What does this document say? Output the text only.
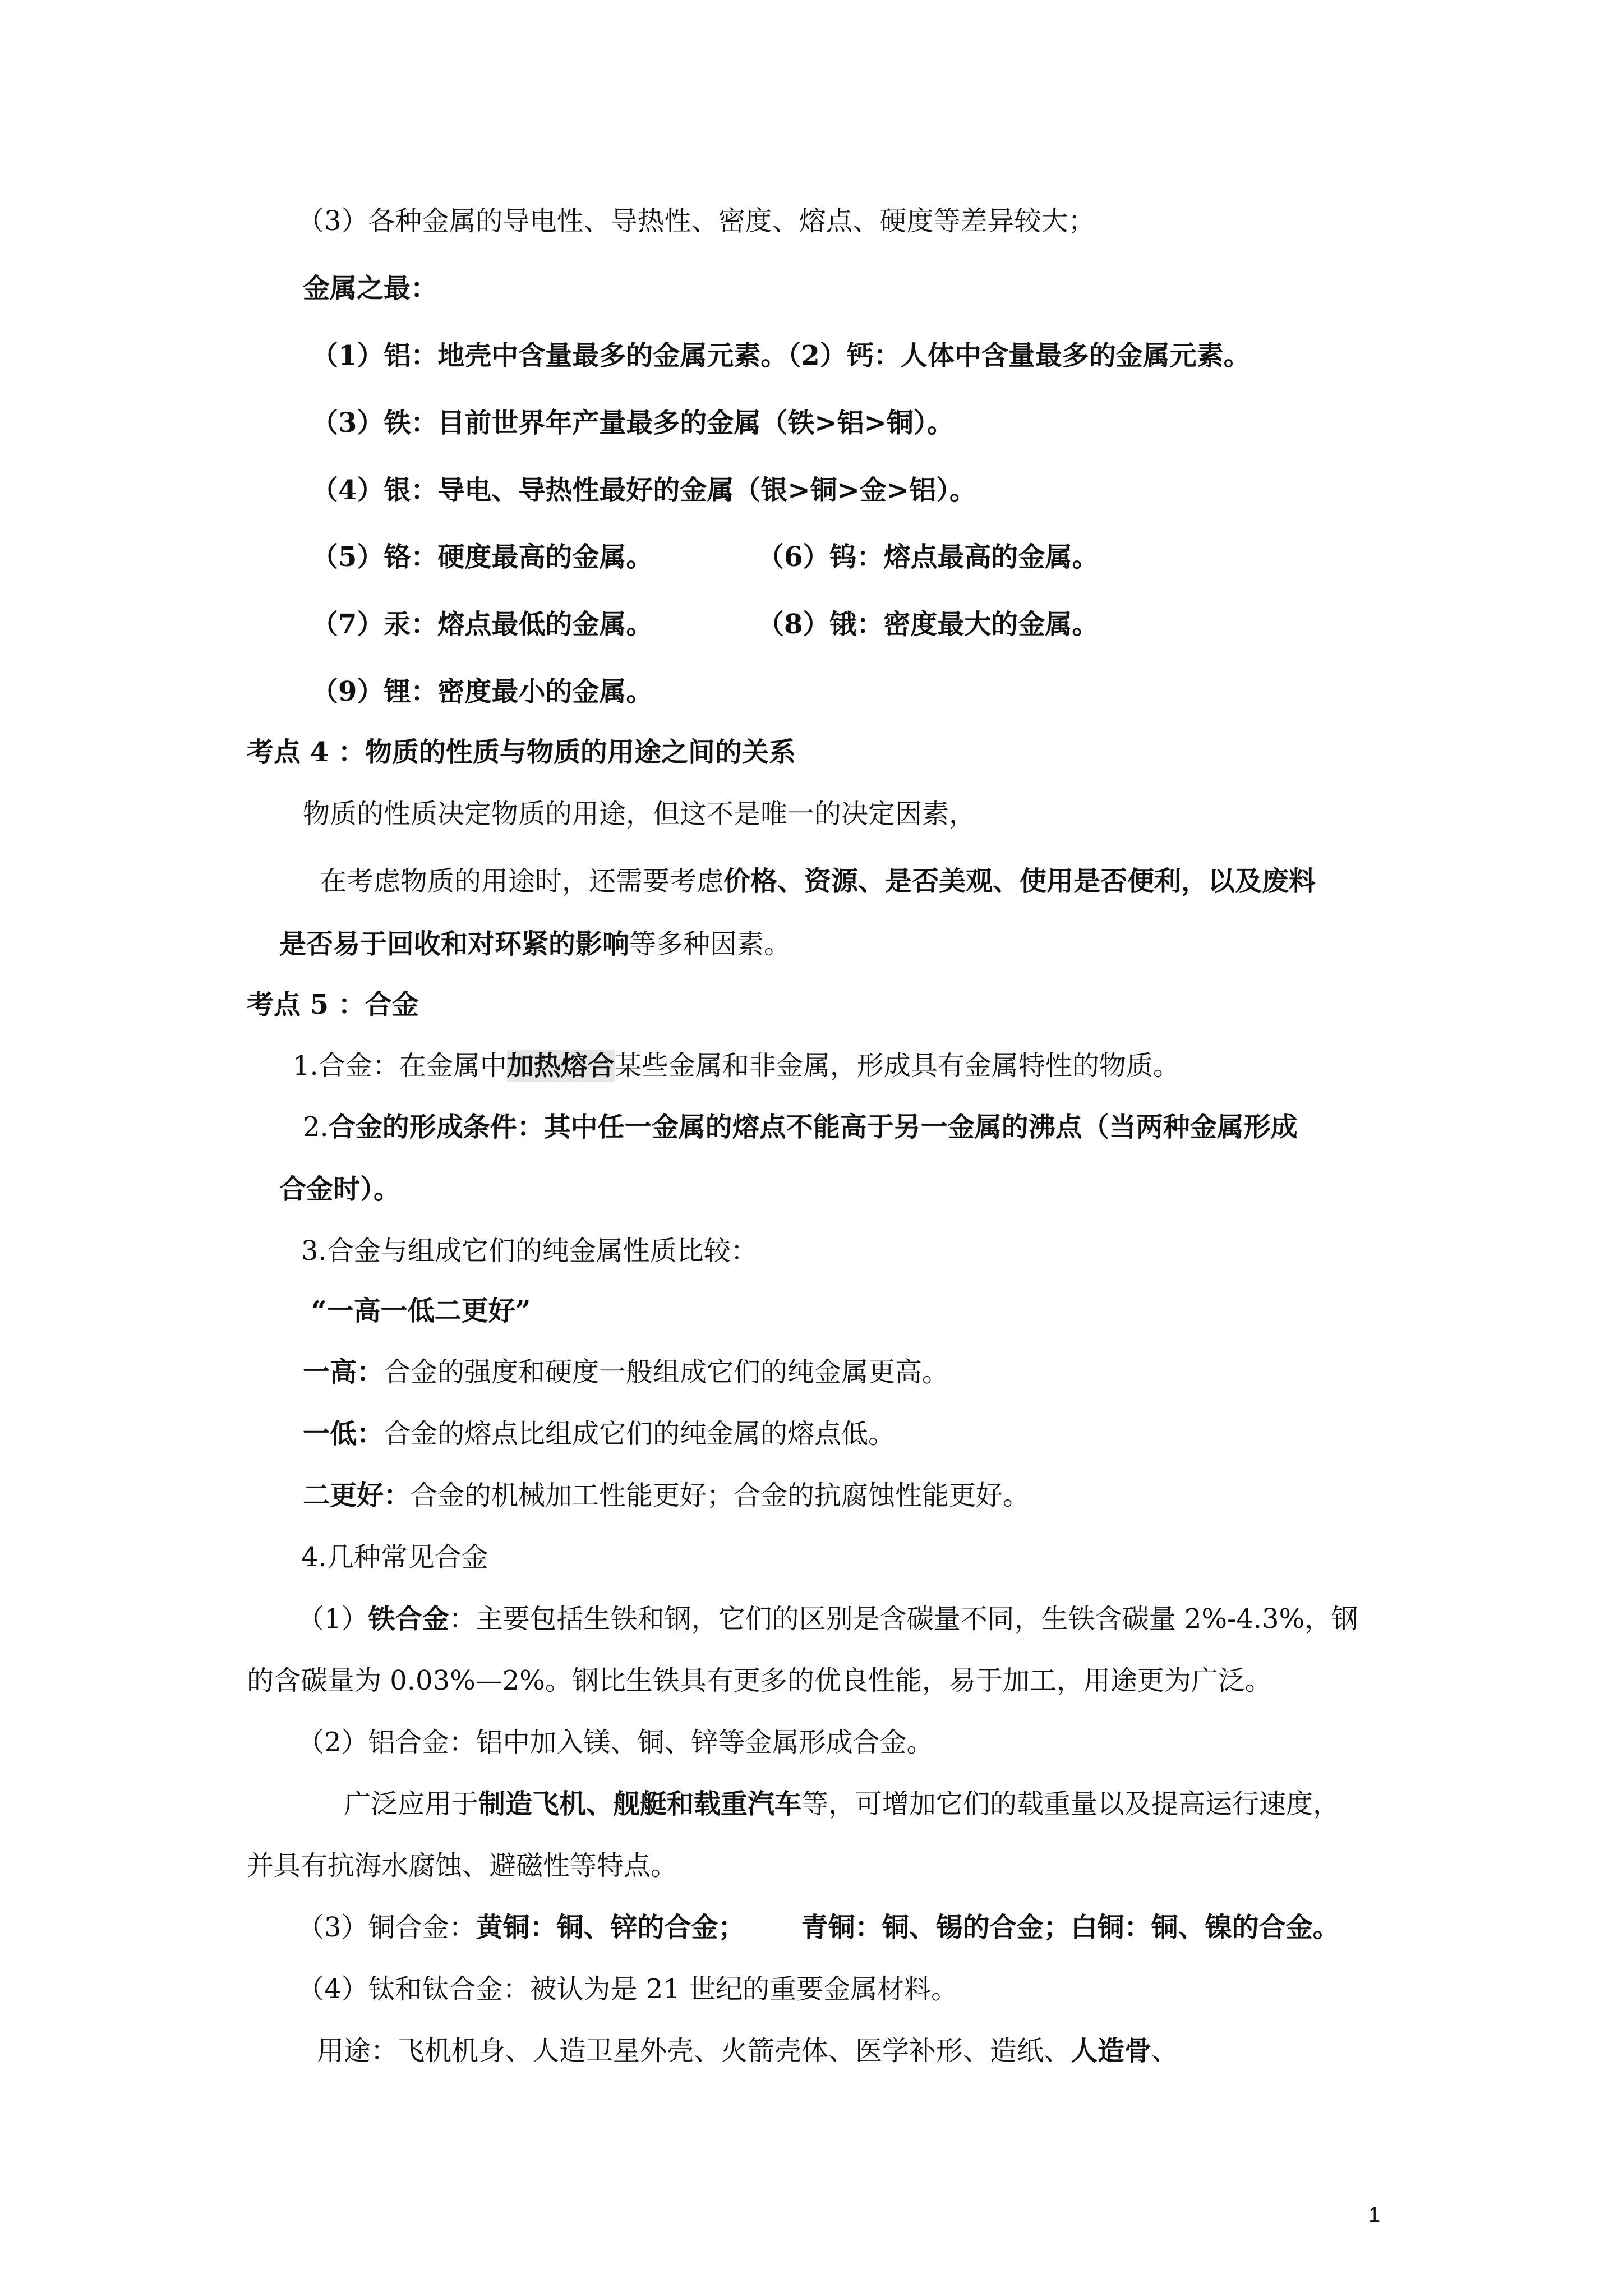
（3）各种金属的导电性、导热性、密度、熔点、硬度等差异较大；

金属之最：

（1）铝：地壳中含量最多的金属元素。（2）钙：人体中含量最多的金属元素。

（3）铁：目前世界年产量最多的金属（铁>铝>铜）。

（4）银：导电、导热性最好的金属（银>铜>金>铝）。

（5）铬：硬度最高的金属。	（6）钨：熔点最高的金属。

（7）汞：熔点最低的金属。	（8）锇：密度最大的金属。

（9）锂：密度最小的金属。

考点 4 ：物质的性质与物质的用途之间的关系

物质的性质决定物质的用途，但这不是唯一的决定因素，

在考虑物质的用途时，还需要考虑价格、资源、是否美观、使用是否便利，以及废料

是否易于回收和对环紧的影响等多种因素。

考点 5 ：合金

1.合金：在金属中加热熔合某些金属和非金属，形成具有金属特性的物质。

2.合金的形成条件：其中任一金属的熔点不能高于另一金属的沸点（当两种金属形成

合金时）。

3.合金与组成它们的纯金属性质比较：

“一高一低二更好”

一高：合金的强度和硬度一般组成它们的纯金属更高。

一低：合金的熔点比组成它们的纯金属的熔点低。

二更好：合金的机械加工性能更好；合金的抗腐蚀性能更好。

4.几种常见合金

（1）铁合金：主要包括生铁和钢，它们的区别是含碳量不同，生铁含碳量 2%-4.3%，钢

的含碳量为 0.03%—2%。钢比生铁具有更多的优良性能，易于加工，用途更为广泛。

（2）铝合金：铝中加入镁、铜、锌等金属形成合金。

广泛应用于制造飞机、舰艇和载重汽车等，可增加它们的载重量以及提高运行速度，

并具有抗海水腐蚀、避磁性等特点。

（3）铜合金：黄铜：铜、锌的合金； 青铜：铜、锡的合金；白铜：铜、镍的合金。

（4）钛和钛合金：被认为是 21 世纪的重要金属材料。

用途：飞机机身、人造卫星外壳、火箭壳体、医学补形、造纸、人造骨、

1
